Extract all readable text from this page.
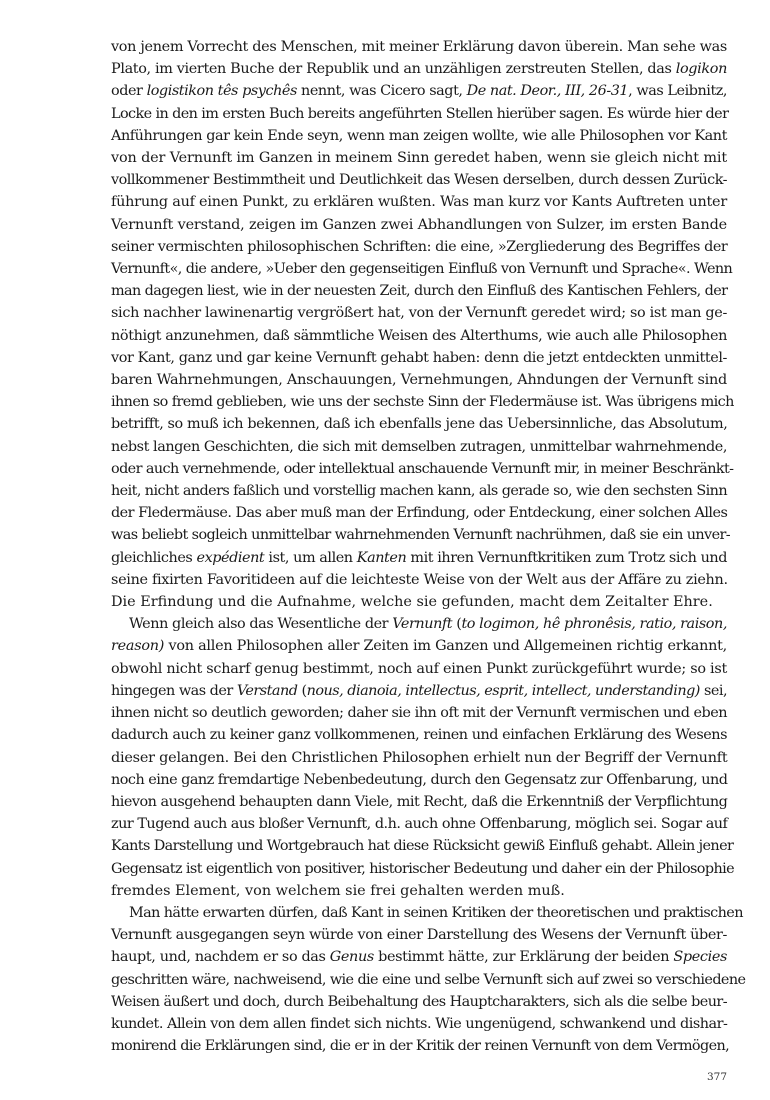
von jenem Vorrecht des Menschen, mit meiner Erklärung davon überein. Man sehe was
Plato, im vierten Buche der Republik und an unzähligen zerstreuten Stellen, das logikon
oder logistikon tês psychês nennt, was Cicero sagt, De nat. Deor., III, 26-31, was Leibnitz,
Locke in den im ersten Buch bereits angeführten Stellen hierüber sagen. Es würde hier der
Anführungen gar kein Ende seyn, wenn man zeigen wollte, wie alle Philosophen vor Kant
von der Vernunft im Ganzen in meinem Sinn geredet haben, wenn sie gleich nicht mit
vollkommener Bestimmtheit und Deutlichkeit das Wesen derselben, durch dessen Zurück-
führung auf einen Punkt, zu erklären wußten. Was man kurz vor Kants Auftreten unter
Vernunft verstand, zeigen im Ganzen zwei Abhandlungen von Sulzer, im ersten Bande
seiner vermischten philosophischen Schriften: die eine, »Zergliederung des Begriffes der
Vernunft«, die andere, »Ueber den gegenseitigen Einfluß von Vernunft und Sprache«. Wenn
man dagegen liest, wie in der neuesten Zeit, durch den Einfluß des Kantischen Fehlers, der
sich nachher lawinenartig vergrößert hat, von der Vernunft geredet wird; so ist man ge-
nöthigt anzunehmen, daß sämmtliche Weisen des Alterthums, wie auch alle Philosophen
vor Kant, ganz und gar keine Vernunft gehabt haben: denn die jetzt entdeckten unmittel-
baren Wahrnehmungen, Anschauungen, Vernehmungen, Ahndungen der Vernunft sind
ihnen so fremd geblieben, wie uns der sechste Sinn der Fledermäuse ist. Was übrigens mich
betrifft, so muß ich bekennen, daß ich ebenfalls jene das Uebersinnliche, das Absolutum,
nebst langen Geschichten, die sich mit demselben zutragen, unmittelbar wahrnehmende,
oder auch vernehmende, oder intellektual anschauende Vernunft mir, in meiner Beschränkt-
heit, nicht anders faßlich und vorstellig machen kann, als gerade so, wie den sechsten Sinn
der Fledermäuse. Das aber muß man der Erfindung, oder Entdeckung, einer solchen Alles
was beliebt sogleich unmittelbar wahrnehmenden Vernunft nachrühmen, daß sie ein unver-
gleichliches expédient ist, um allen Kanten mit ihren Vernunftkritiken zum Trotz sich und
seine fixirten Favoritideen auf die leichteste Weise von der Welt aus der Affäre zu ziehn.
Die Erfindung und die Aufnahme, welche sie gefunden, macht dem Zeitalter Ehre.
Wenn gleich also das Wesentliche der Vernunft (to logimon, hê phronêsis, ratio, raison,
reason) von allen Philosophen aller Zeiten im Ganzen und Allgemeinen richtig erkannt,
obwohl nicht scharf genug bestimmt, noch auf einen Punkt zurückgeführt wurde; so ist
hingegen was der Verstand (nous, dianoia, intellectus, esprit, intellect, understanding) sei,
ihnen nicht so deutlich geworden; daher sie ihn oft mit der Vernunft vermischen und eben
dadurch auch zu keiner ganz vollkommenen, reinen und einfachen Erklärung des Wesens
dieser gelangen. Bei den Christlichen Philosophen erhielt nun der Begriff der Vernunft
noch eine ganz fremdartige Nebenbedeutung, durch den Gegensatz zur Offenbarung, und
hievon ausgehend behaupten dann Viele, mit Recht, daß die Erkenntniß der Verpflichtung
zur Tugend auch aus bloßer Vernunft, d.h. auch ohne Offenbarung, möglich sei. Sogar auf
Kants Darstellung und Wortgebrauch hat diese Rücksicht gewiß Einfluß gehabt. Allein jener
Gegensatz ist eigentlich von positiver, historischer Bedeutung und daher ein der Philosophie
fremdes Element, von welchem sie frei gehalten werden muß.
Man hätte erwarten dürfen, daß Kant in seinen Kritiken der theoretischen und praktischen
Vernunft ausgegangen seyn würde von einer Darstellung des Wesens der Vernunft über-
haupt, und, nachdem er so das Genus bestimmt hätte, zur Erklärung der beiden Species
geschritten wäre, nachweisend, wie die eine und selbe Vernunft sich auf zwei so verschiedene
Weisen äußert und doch, durch Beibehaltung des Hauptcharakters, sich als die selbe beur-
kundet. Allein von dem allen findet sich nichts. Wie ungenügend, schwankend und dishar-
monirend die Erklärungen sind, die er in der Kritik der reinen Vernunft von dem Vermögen,
377
